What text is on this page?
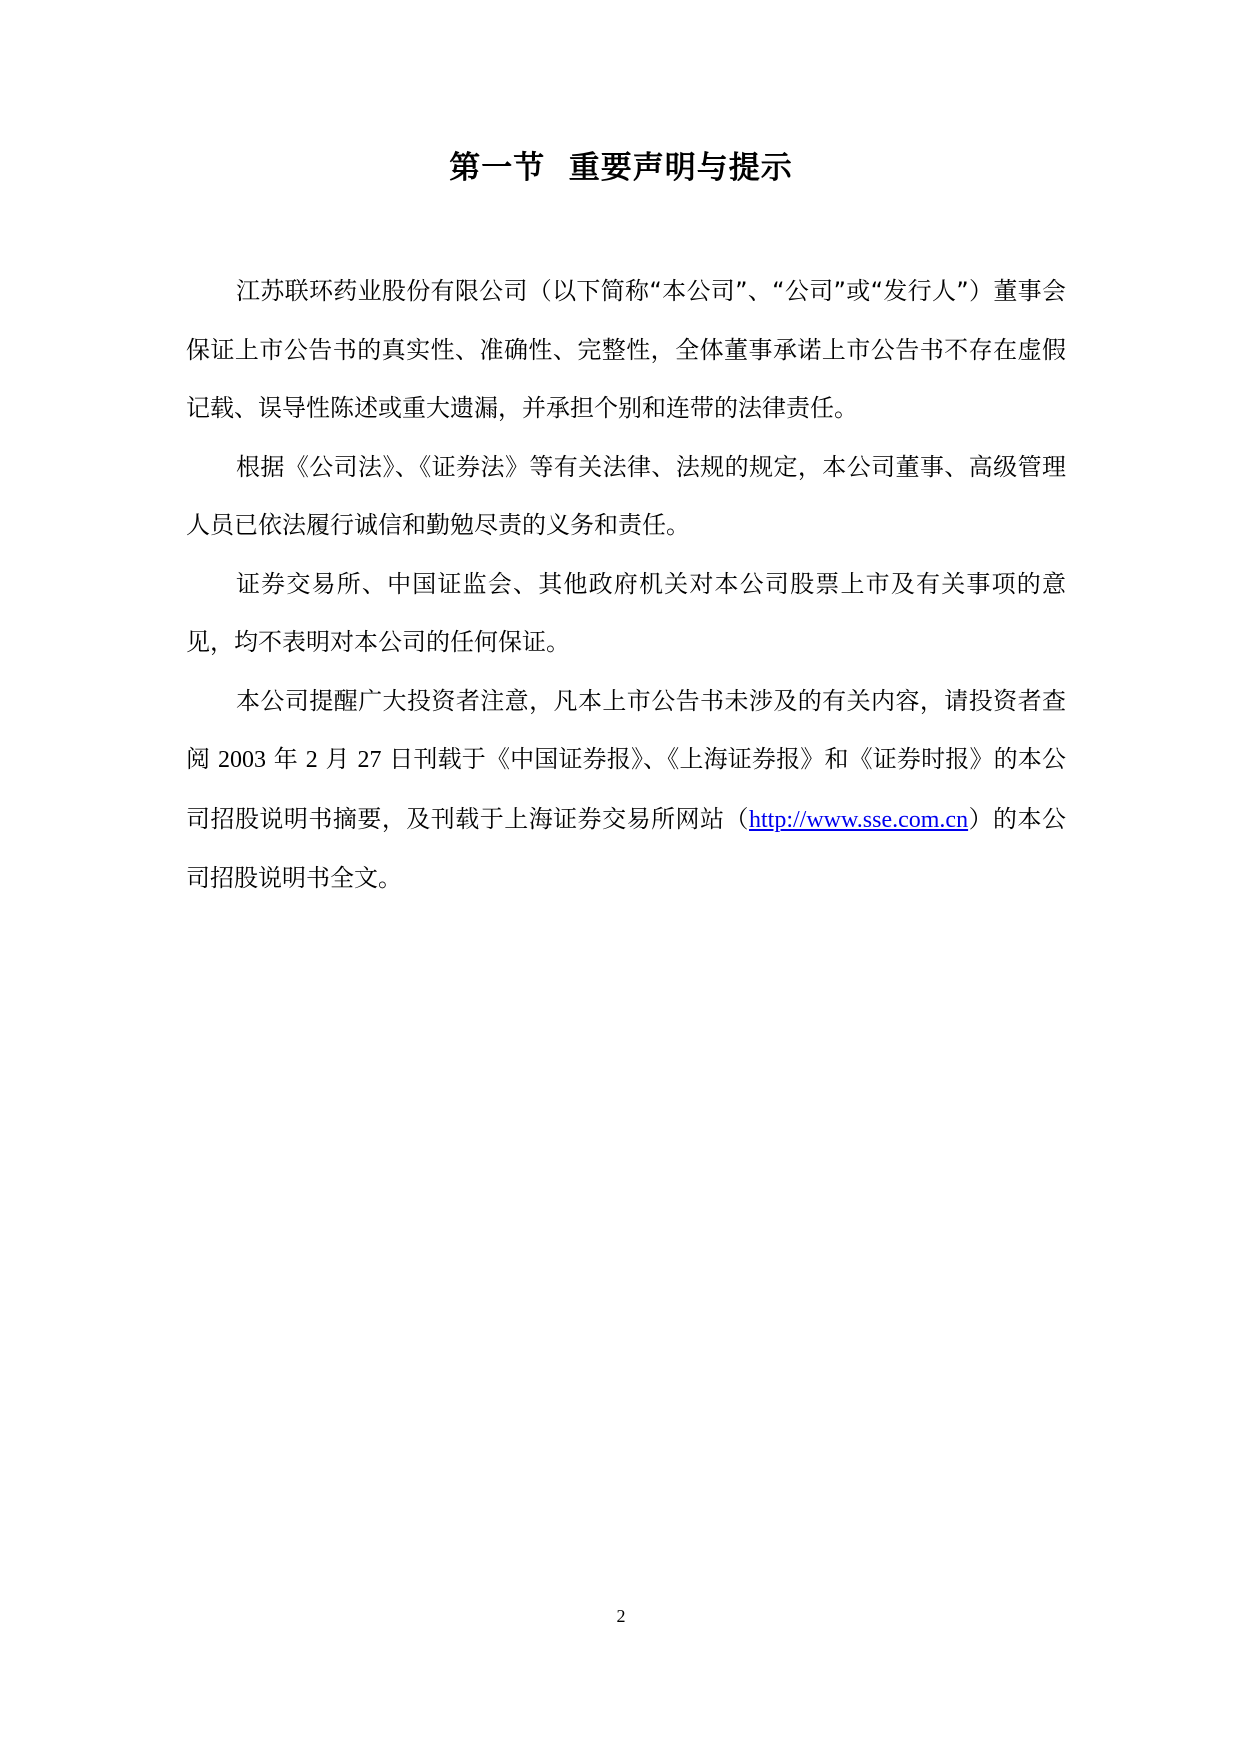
第一节  重要声明与提示

江苏联环药业股份有限公司（以下简称“本公司”、“公司”或“发行人”）董事会保证上市公告书的真实性、准确性、完整性，全体董事承诺上市公告书不存在虚假记载、误导性陈述或重大遗漏，并承担个别和连带的法律责任。

根据《公司法》、《证券法》等有关法律、法规的规定，本公司董事、高级管理人员已依法履行诚信和勤勉尽责的义务和责任。

证券交易所、中国证监会、其他政府机关对本公司股票上市及有关事项的意见，均不表明对本公司的任何保证。

本公司提醒广大投资者注意，凡本上市公告书未涉及的有关内容，请投资者查阅 2003 年 2 月 27 日刊载于《中国证券报》、《上海证券报》和《证券时报》的本公司招股说明书摘要，及刊载于上海证券交易所网站（http://www.sse.com.cn）的本公司招股说明书全文。

2
